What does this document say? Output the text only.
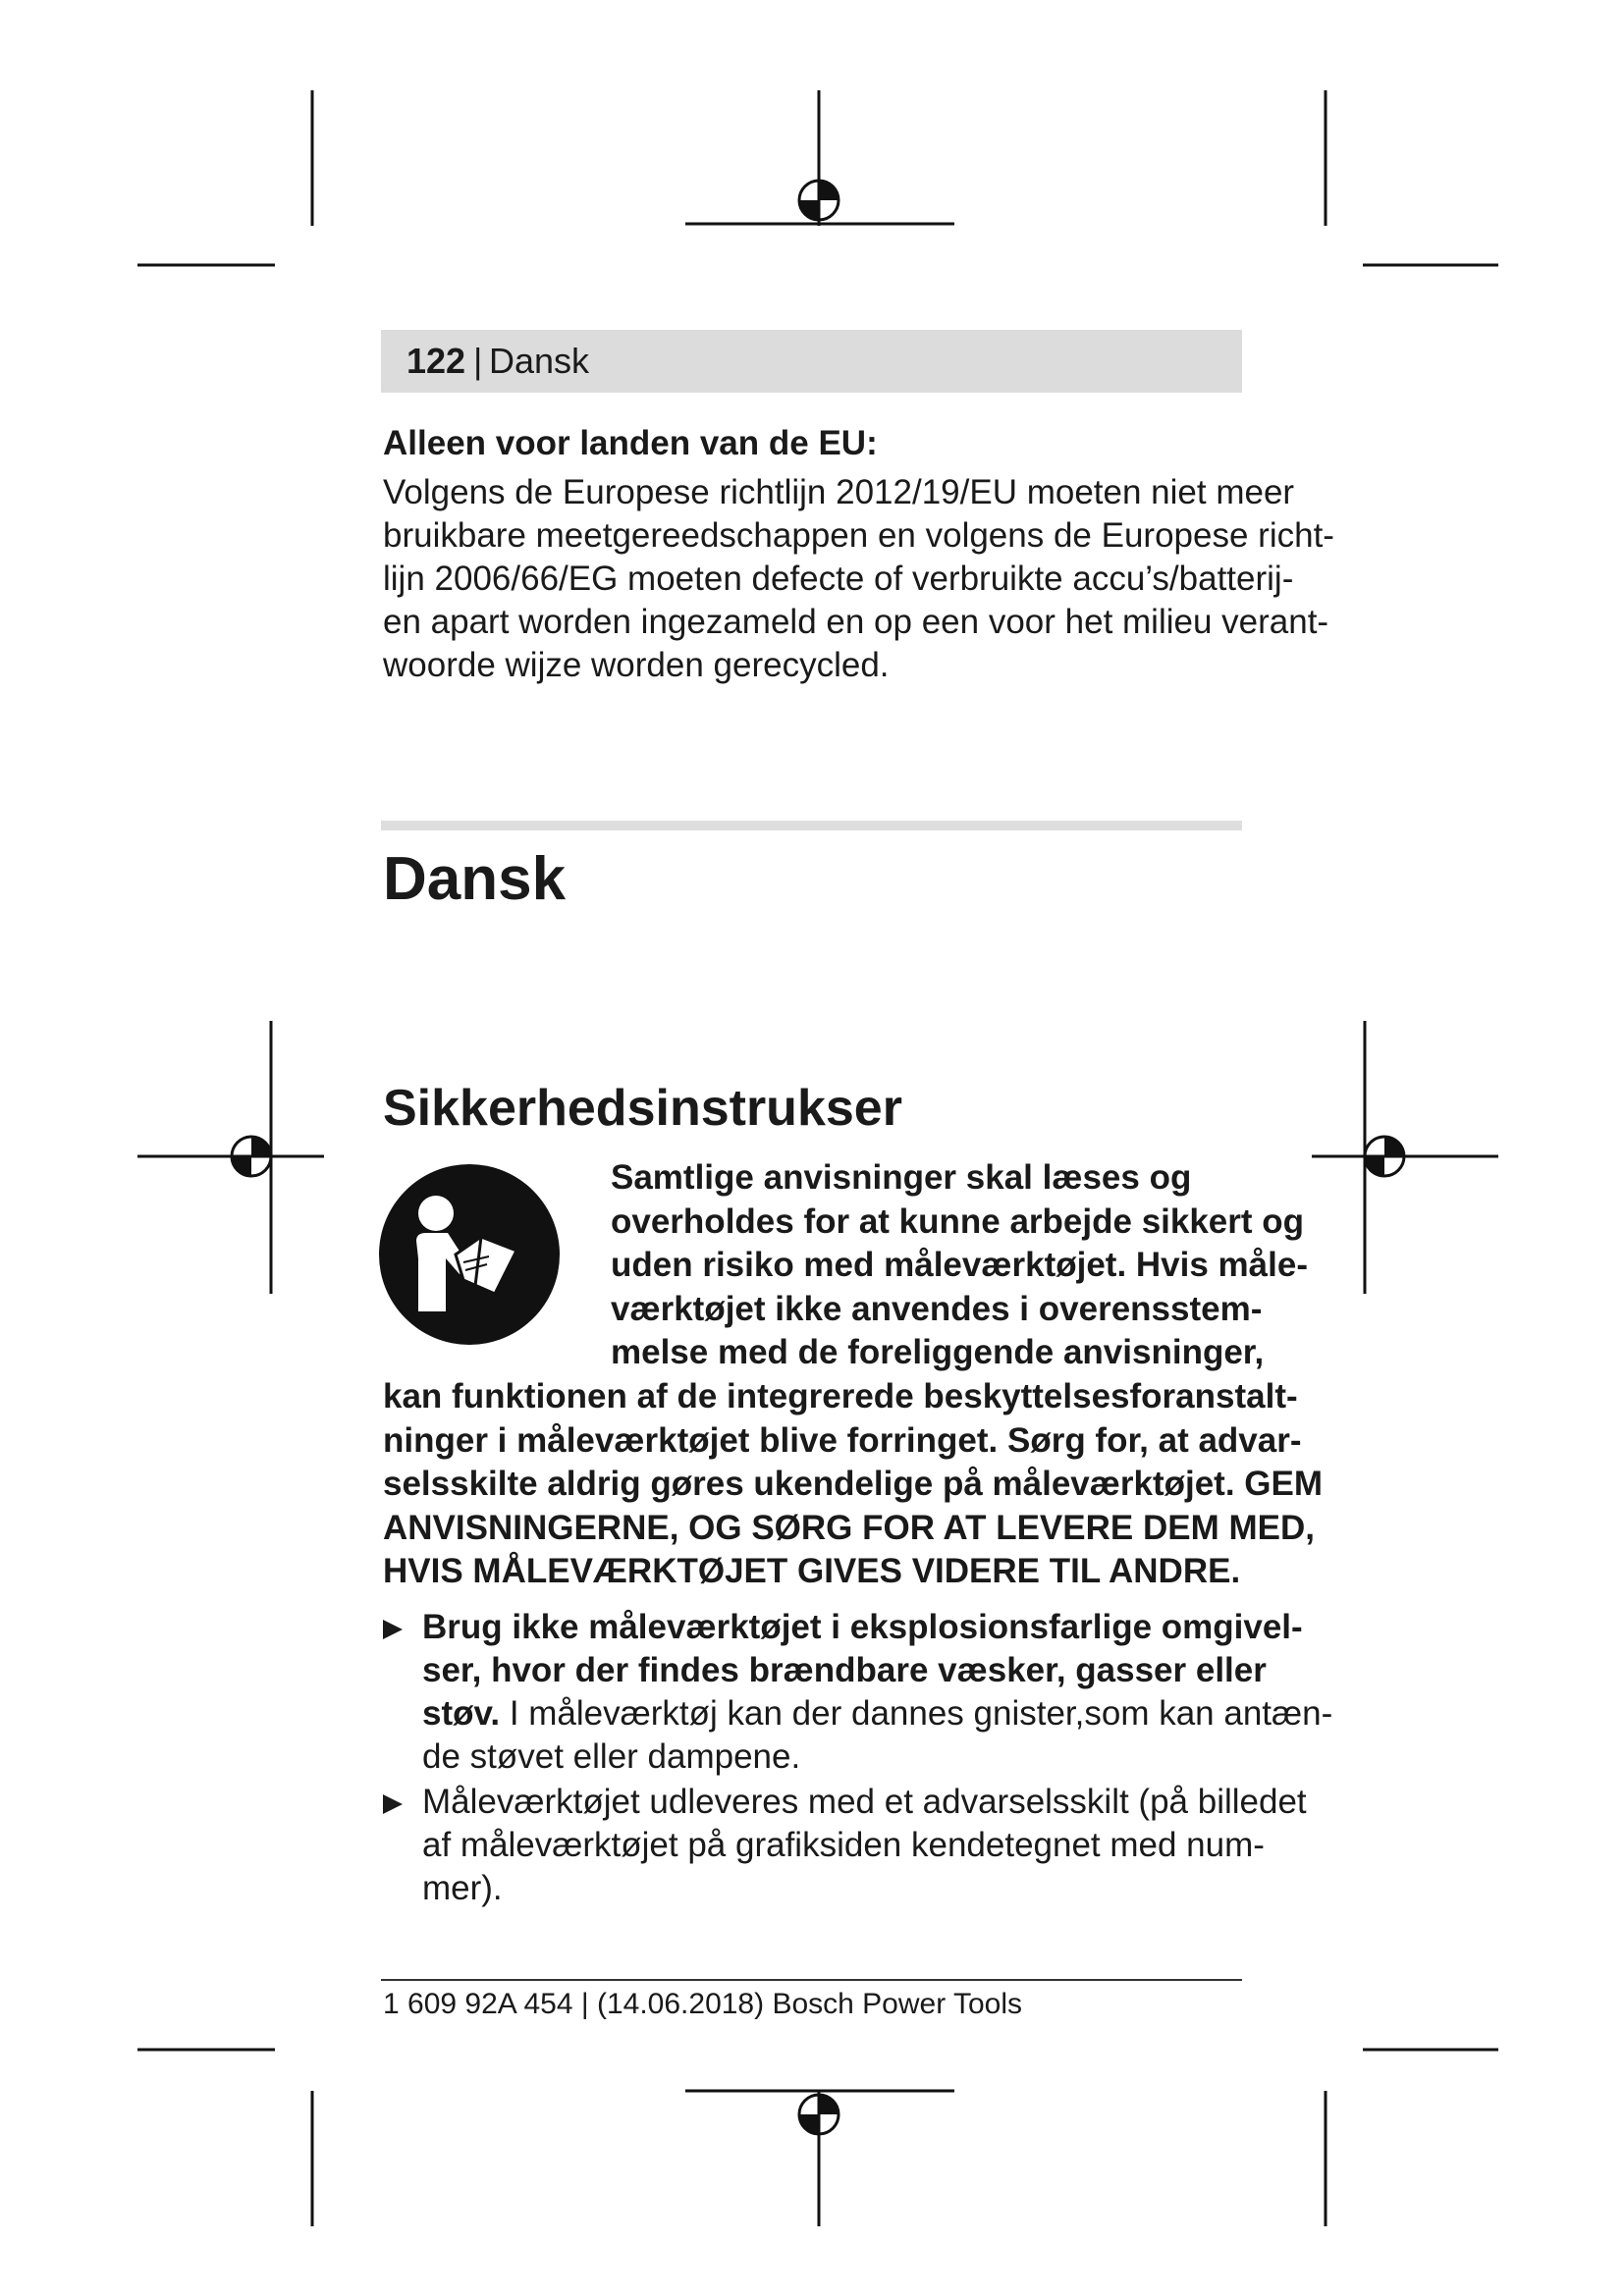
122 | Dansk
Alleen voor landen van de EU:
Volgens de Europese richtlijn 2012/19/EU moeten niet meer
bruikbare meetgereedschappen en volgens de Europese richt-
lijn 2006/66/EG moeten defecte of verbruikte accu’s/batterij-
en apart worden ingezameld en op een voor het milieu verant-
woorde wijze worden gerecycled.
Dansk
Sikkerhedsinstrukser
Samtlige anvisninger skal læses og
overholdes for at kunne arbejde sikkert og
uden risiko med måleværktøjet. Hvis måle-
værktøjet ikke anvendes i overensstem-
melse med de foreliggende anvisninger,
kan funktionen af de integrerede beskyttelsesforanstalt-
ninger i måleværktøjet blive forringet. Sørg for, at advar-
selsskilte aldrig gøres ukendelige på måleværktøjet. GEM
ANVISNINGERNE, OG SØRG FOR AT LEVERE DEM MED,
HVIS MÅLEVÆRKTØJET GIVES VIDERE TIL ANDRE.
Brug ikke måleværktøjet i eksplosionsfarlige omgivel-
ser, hvor der findes brændbare væsker, gasser eller
støv. I måleværktøj kan der dannes gnister,som kan antæn-
de støvet eller dampene.
Måleværktøjet udleveres med et advarselsskilt (på billedet
af måleværktøjet på grafiksiden kendetegnet med num-
mer).
1 609 92A 454 | (14.06.2018) Bosch Power Tools
